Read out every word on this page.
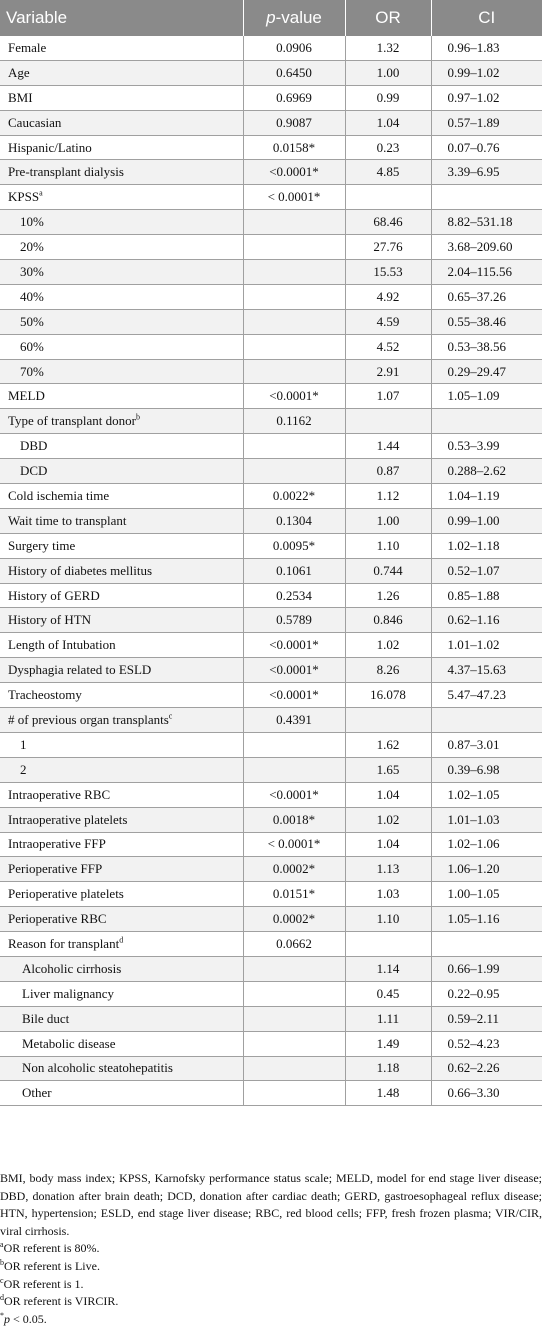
Variable	p-value	OR	CI
Female	0.0906	1.32	0.96–1.83
Age	0.6450	1.00	0.99–1.02
BMI	0.6969	0.99	0.97–1.02
Caucasian	0.9087	1.04	0.57–1.89
Hispanic/Latino	0.0158*	0.23	0.07–0.76
Pre-transplant dialysis	<0.0001*	4.85	3.39–6.95
$KPSS^a$	< 0.0001*		
10%		68.46	8.82–531.18
20%		27.76	3.68–209.60
30%		15.53	2.04–115.56
40%		4.92	0.65–37.26
50%		4.59	0.55–38.46
60%		4.52	0.53–38.56
70%		2.91	0.29–29.47
MELD	<0.0001*	1.07	1.05–1.09
Type of transplant donor$^b$	0.1162		
DBD		1.44	0.53–3.99
DCD		0.87	0.288–2.62
Cold ischemia time	0.0022*	1.12	1.04–1.19
Wait time to transplant	0.1304	1.00	0.99–1.00
Surgery time	0.0095*	1.10	1.02–1.18
History of diabetes mellitus	0.1061	0.744	0.52–1.07
History of GERD	0.2534	1.26	0.85–1.88
History of HTN	0.5789	0.846	0.62–1.16
Length of Intubation	<0.0001*	1.02	1.01–1.02
Dysphagia related to ESLD	<0.0001*	8.26	4.37–15.63
Tracheostomy	<0.0001*	16.078	5.47–47.23
# of previous organ transplants$^c$	0.4391		
1		1.62	0.87–3.01
2		1.65	0.39–6.98
Intraoperative RBC	<0.0001*	1.04	1.02–1.05
Intraoperative platelets	0.0018*	1.02	1.01–1.03
Intraoperative FFP	< 0.0001*	1.04	1.02–1.06
Perioperative FFP	0.0002*	1.13	1.06–1.20
Perioperative platelets	0.0151*	1.03	1.00–1.05
Perioperative RBC	0.0002*	1.10	1.05–1.16
Reason for transplant$^d$	0.0662		
Alcoholic cirrhosis		1.14	0.66–1.99
Liver malignancy		0.45	0.22–0.95
Bile duct		1.11	0.59–2.11
Metabolic disease		1.49	0.52–4.23
Non alcoholic steatohepatitis		1.18	0.62–2.26
Other		1.48	0.66–3.30

BMI, body mass index; KPSS, Karnofsky performance status scale; MELD, model for end stage liver disease; DBD, donation after brain death; DCD, donation after cardiac death; GERD, gastroesophageal reflux disease; HTN, hypertension; ESLD, end stage liver disease; RBC, red blood cells; FFP, fresh frozen plasma; VIR/CIR, viral cirrhosis.

$^a$OR referent is 80%.

$^b$OR referent is Live.

$^c$OR referent is 1.

$^d$OR referent is VIRCIR.

*p < 0.05.
